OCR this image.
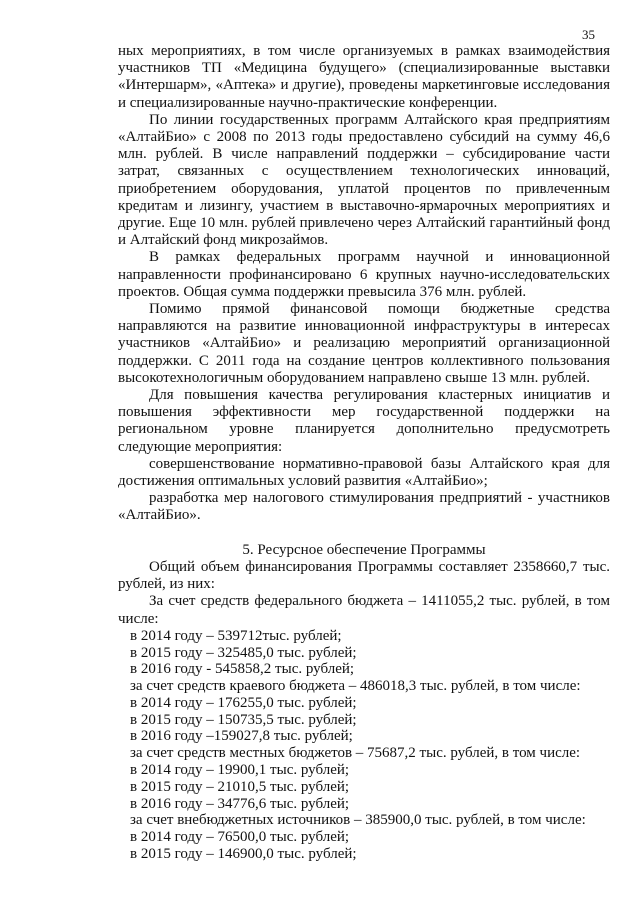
35

ных мероприятиях, в том числе организуемых в рамках взаимодействия участников ТП «Медицина будущего» (специализированные выставки «Интершарм», «Аптека» и другие), проведены маркетинговые исследования и специализированные научно-практические конференции.

По линии государственных программ Алтайского края предприятиям «АлтайБио» с 2008 по 2013 годы предоставлено субсидий на сумму 46,6 млн. рублей. В числе направлений поддержки – субсидирование части затрат, связанных с осуществлением технологических инноваций, приобретением оборудования, уплатой процентов по привлеченным кредитам и лизингу, участием в выставочно-ярмарочных мероприятиях и другие. Еще 10 млн. рублей привлечено через Алтайский гарантийный фонд и Алтайский фонд микрозаймов.

В рамках федеральных программ научной и инновационной направленности профинансировано 6 крупных научно-исследовательских проектов. Общая сумма поддержки превысила 376 млн. рублей.

Помимо прямой финансовой помощи бюджетные средства направляются на развитие инновационной инфраструктуры в интересах участников «АлтайБио» и реализацию мероприятий организационной поддержки. С 2011 года на создание центров коллективного пользования высокотехнологичным оборудованием направлено свыше 13 млн. рублей.

Для повышения качества регулирования кластерных инициатив и повышения эффективности мер государственной поддержки на региональном уровне планируется дополнительно предусмотреть следующие мероприятия:

совершенствование нормативно-правовой базы Алтайского края для достижения оптимальных условий развития «АлтайБио»;

разработка мер налогового стимулирования предприятий - участников «АлтайБио».

5. Ресурсное обеспечение Программы

Общий объем финансирования Программы составляет 2358660,7 тыс. рублей, из них:

За счет средств федерального бюджета – 1411055,2 тыс. рублей, в том числе:

в 2014 году – 539712тыс. рублей;
в 2015 году – 325485,0 тыс. рублей;
в 2016 году - 545858,2 тыс. рублей;
за счет средств краевого бюджета – 486018,3 тыс. рублей, в том числе:
в 2014 году – 176255,0 тыс. рублей;
в 2015 году – 150735,5 тыс. рублей;
в 2016 году –159027,8 тыс. рублей;
за счет средств местных бюджетов – 75687,2 тыс. рублей, в том числе:
в 2014 году – 19900,1 тыс. рублей;
в 2015 году – 21010,5 тыс. рублей;
в 2016 году – 34776,6 тыс. рублей;
за счет внебюджетных источников – 385900,0 тыс. рублей, в том числе:
в 2014 году – 76500,0 тыс. рублей;
в 2015 году – 146900,0 тыс. рублей;
